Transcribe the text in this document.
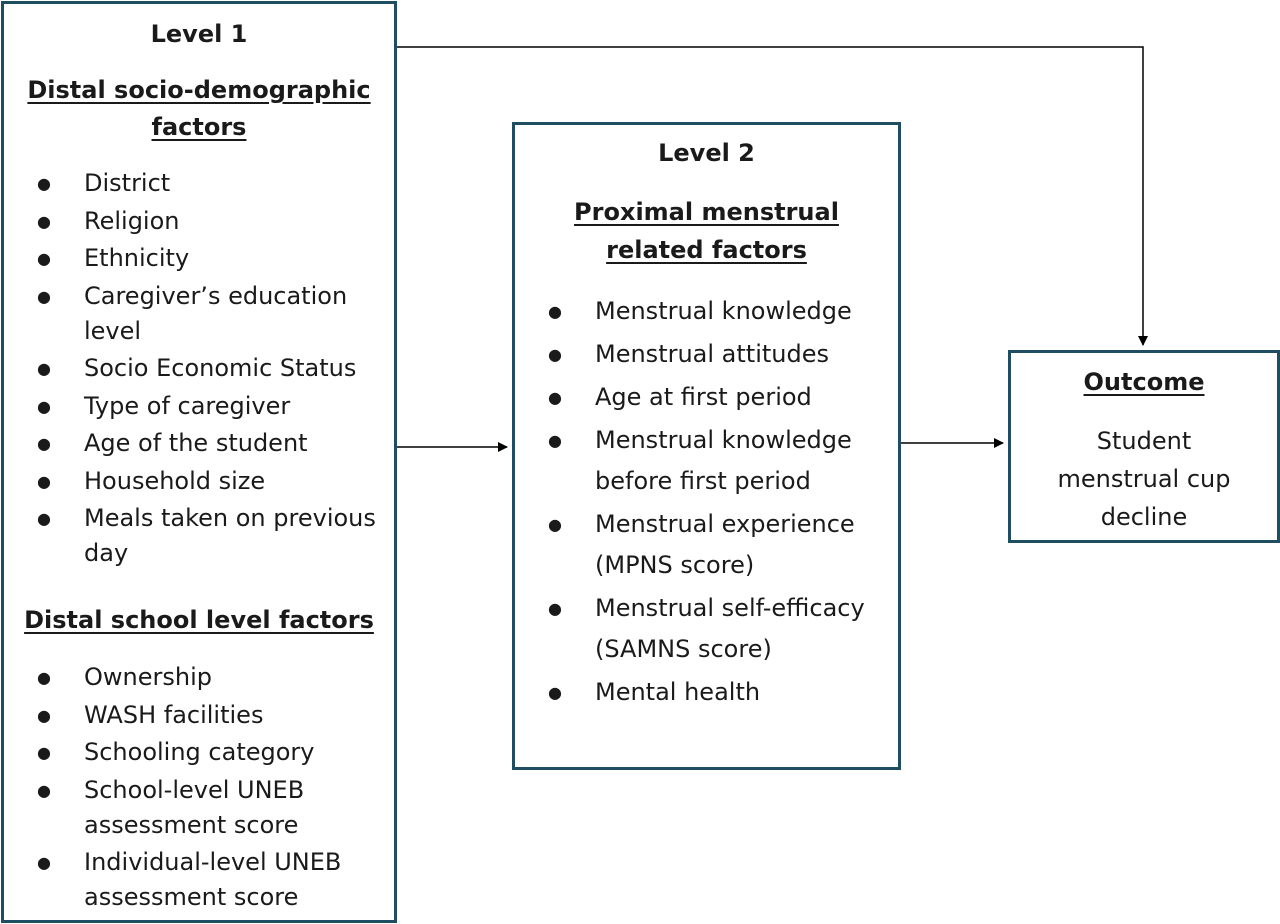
Level 1
Distal socio-demographic
factors
● District
● Religion
● Ethnicity
● Caregiver’s education level
● Socio Economic Status
● Type of caregiver
● Age of the student
● Household size
● Meals taken on previous day
Distal school level factors
● Ownership
● WASH facilities
● Schooling category
● School-level UNEB assessment score
● Individual-level UNEB assessment score
Level 2
Proximal menstrual
related factors
● Menstrual knowledge
● Menstrual attitudes
● Age at first period
● Menstrual knowledge before first period
● Menstrual experience (MPNS score)
● Menstrual self-efficacy (SAMNS score)
● Mental health
Outcome
Student
menstrual cup
decline
